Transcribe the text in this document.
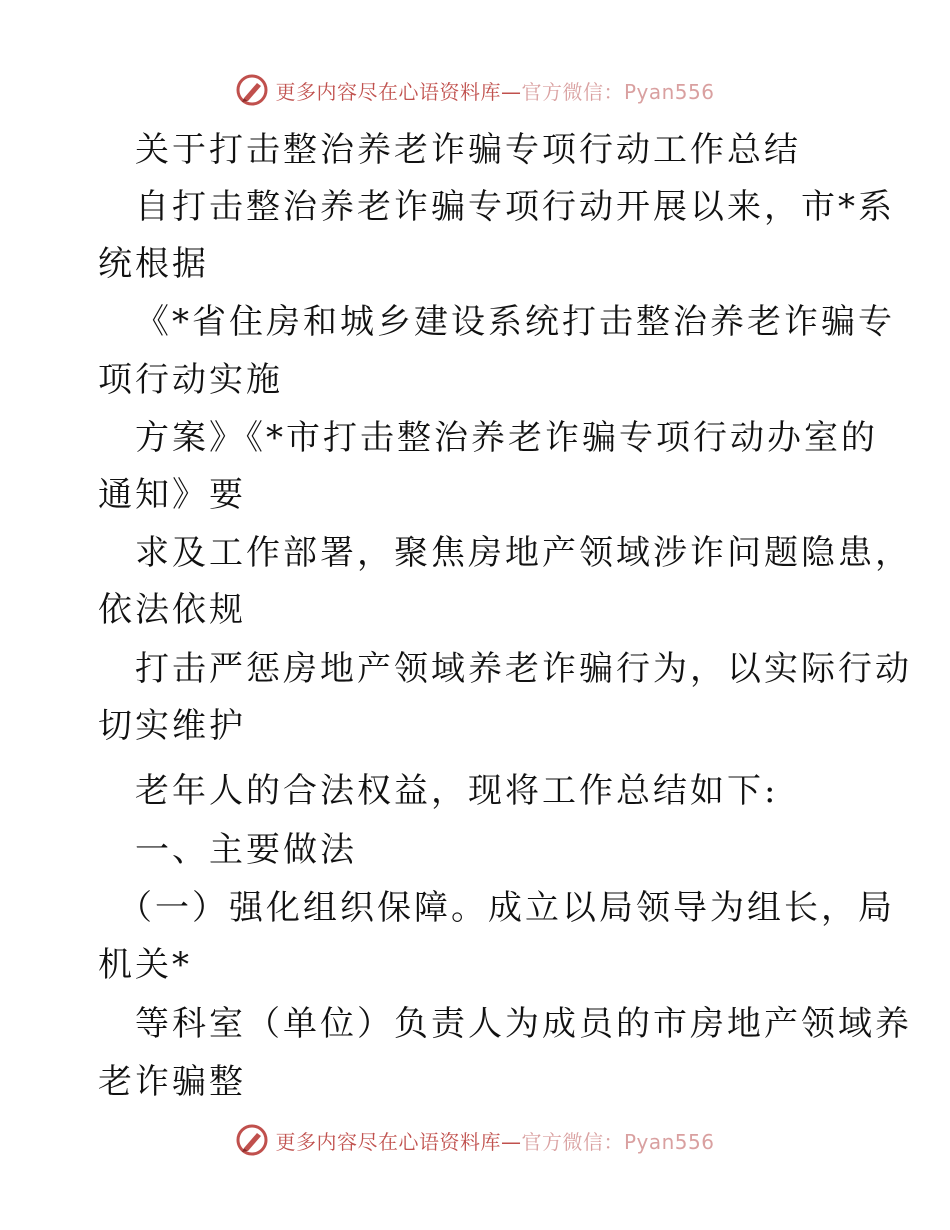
更多内容尽在心语资料库—官方微信：Pyan556
关于打击整治养老诈骗专项行动工作总结
自打击整治养老诈骗专项行动开展以来，市*系
统根据
《*省住房和城乡建设系统打击整治养老诈骗专
项行动实施
方案》《*市打击整治养老诈骗专项行动办室的
通知》要
求及工作部署，聚焦房地产领域涉诈问题隐患，
依法依规
打击严惩房地产领域养老诈骗行为，以实际行动
切实维护
老年人的合法权益，现将工作总结如下:
一、主要做法
（一）强化组织保障。成立以局领导为组长，局
机关*
等科室（单位）负责人为成员的市房地产领域养
老诈骗整
更多内容尽在心语资料库—官方微信：Pyan556
